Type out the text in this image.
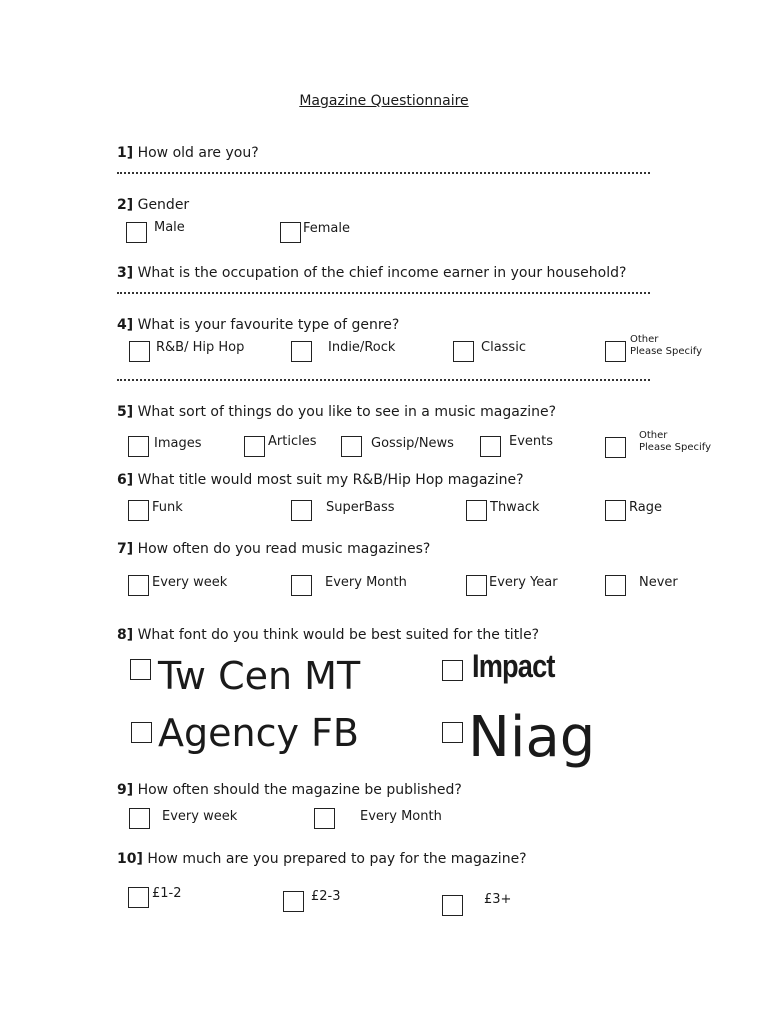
Magazine Questionnaire
1] How old are you?
2] Gender
Male	Female
3] What is the occupation of the chief income earner in your household?
4] What is your favourite type of genre?
R&B/ Hip Hop	Indie/Rock	Classic
Other
Please Specify
5] What sort of things do you like to see in a music magazine?
Images	Articles	Gossip/News	Events	Other
Please Specify
6] What title would most suit my R&B/Hip Hop magazine?
Funk	SuperBass	Thwack	Rage
7] How often do you read music magazines?
Every week	Every Month	Every Year	Never
8] What font do you think would be best suited for the title?
Tw Cen MT	Impact
Agency FB	Niag
9] How often should the magazine be published?
Every week	Every Month
10] How much are you prepared to pay for the magazine?
£1-2	£2-3	£3+
